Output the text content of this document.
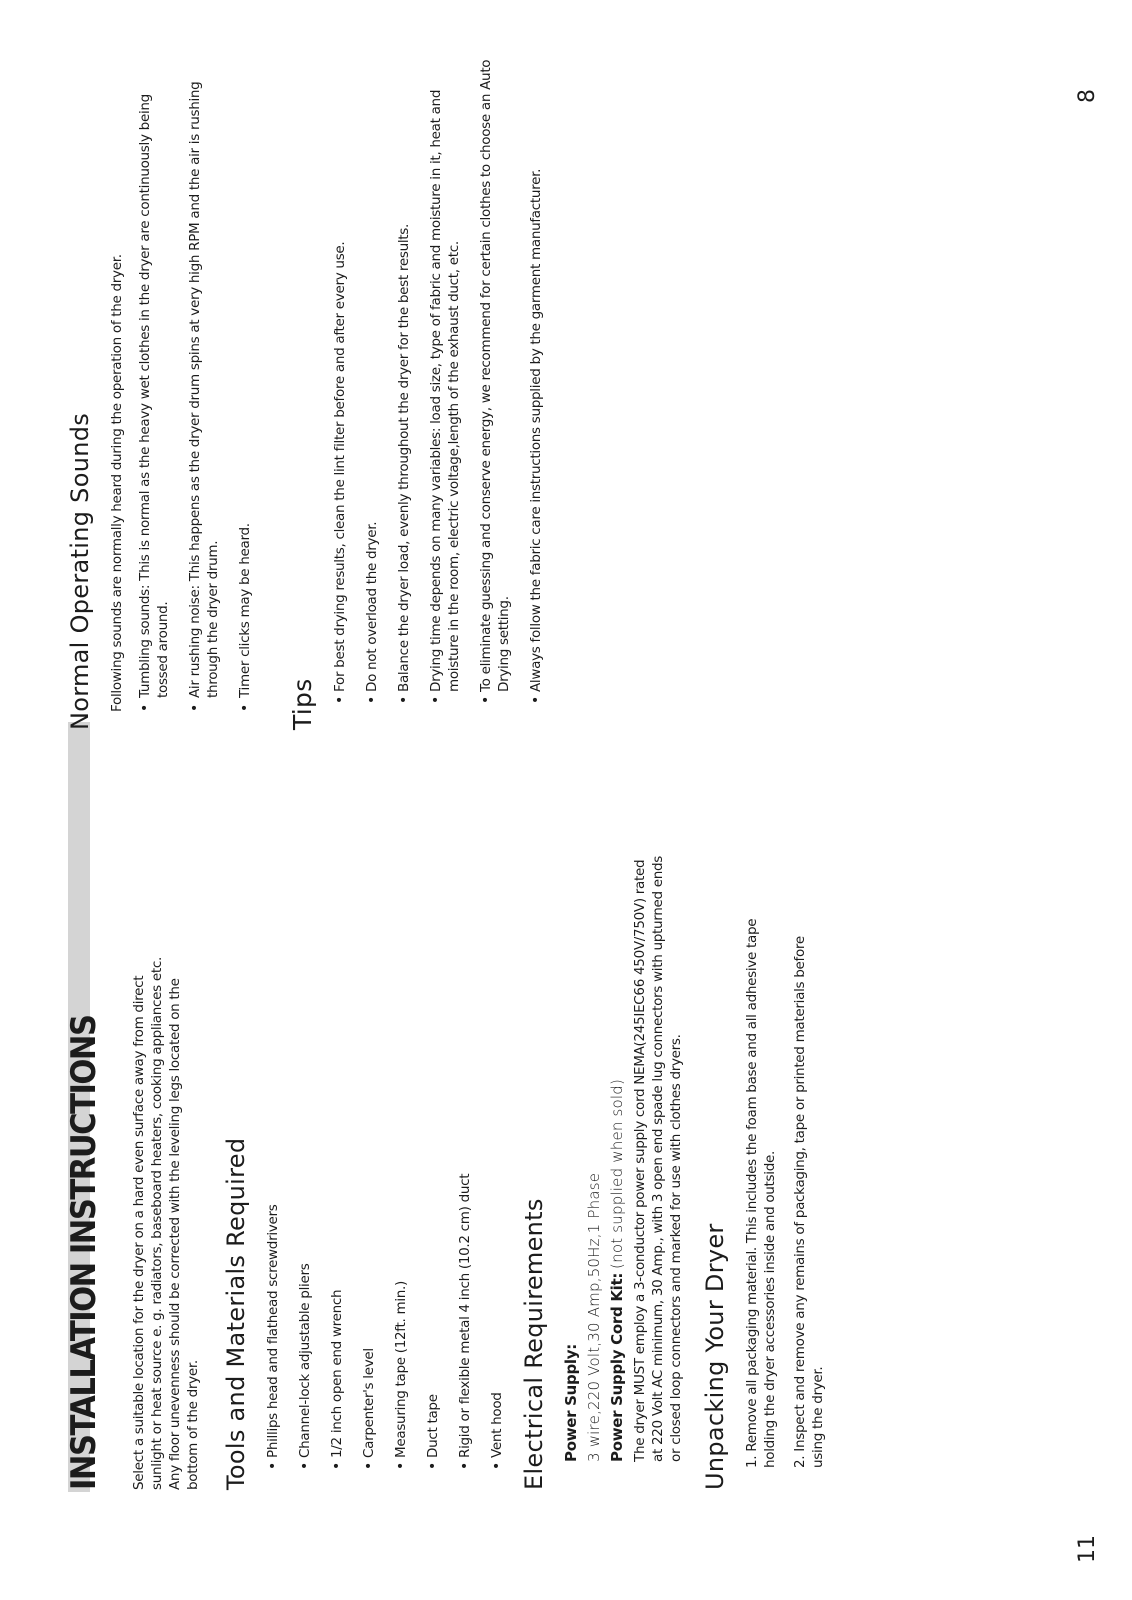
11
8
INSTALLATION INSTRUCTIONS Select a suitable location for the dryer on a hard even surface away from direct sunlight or heat source e. g. radiators, baseboard heaters, cooking appliances etc. Any floor unevenness should be corrected with the leveling legs located on the bottom of the dryer. Tools and Materials Required • Phillips head and flathead screwdrivers • Channel-lock adjustable pliers • 1/2 inch open end wrench • Carpenter's level • Measuring tape (12ft. min.) • Duct tape • Rigid or flexible metal 4 inch (10.2 cm) duct • Vent hood Electrical Requirements Power Supply: 3 wire,220 Volt,30 Amp,50Hz,1 Phase Power Supply Cord Kit: (not supplied when sold) The dryer MUST employ a 3-conductor power supply cord NEMA(245IEC66 450V/750V) rated at 220 Volt AC minimum, 30 Amp., with 3 open end spade lug connectors with upturned ends or closed loop connectors and marked for use with clothes dryers. Unpacking Your Dryer 1. Remove all packaging material. This includes the foam base and all adhesive tape holding the dryer accessories inside and outside. 2. Inspect and remove any remains of packaging, tape or printed materials before using the dryer.
Normal Operating Sounds Following sounds are normally heard during the operation of the dryer. • Tumbling sounds: This is normal as the heavy wet clothes in the dryer are continuously being tossed around. • Air rushing noise: This happens as the dryer drum spins at very high RPM and the air is rushing through the dryer drum. • Timer clicks may be heard.
Tips
• For best drying results, clean the lint filter before and after every use. • Do not overload the dryer. • Balance the dryer load, evenly throughout the dryer for the best results. • Drying time depends on many variables: load size, type of fabric and moisture in it, heat and moisture in the room, electric voltage,length of the exhaust duct, etc. • To eliminate guessing and conserve energy, we recommend for certain clothes to choose an Auto Drying setting. • Always follow the fabric care instructions supplied by the garment manufacturer.
